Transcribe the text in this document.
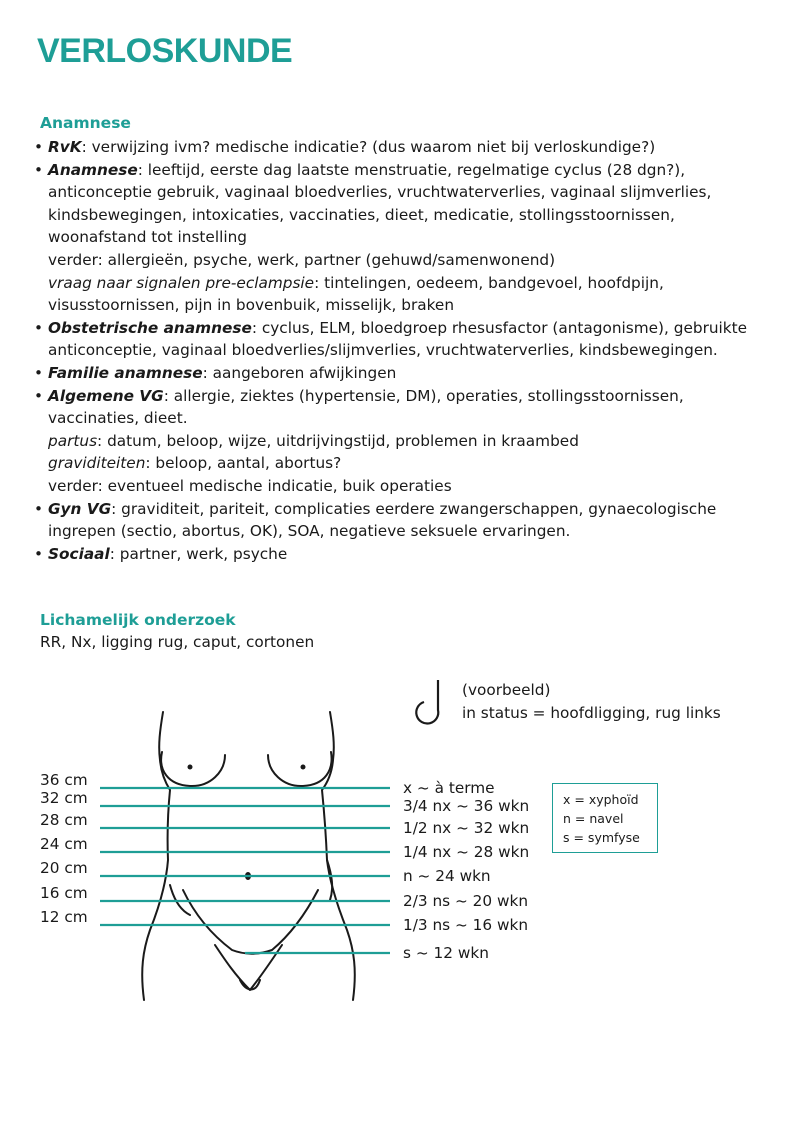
VERLOSKUNDE
Anamnese
• RvK: verwijzing ivm? medische indicatie? (dus waarom niet bij verloskundige?)
• Anamnese: leeftijd, eerste dag laatste menstruatie, regelmatige cyclus (28 dgn?),
anticonceptie gebruik, vaginaal bloedverlies, vruchtwaterverlies, vaginaal slijmverlies,
kindsbewegingen, intoxicaties, vaccinaties, dieet, medicatie, stollingsstoornissen,
woonafstand tot instelling
verder: allergieën, psyche, werk, partner (gehuwd/samenwonend)
vraag naar signalen pre-eclampsie: tintelingen, oedeem, bandgevoel, hoofdpijn,
visusstoornissen, pijn in bovenbuik, misselijk, braken
• Obstetrische anamnese: cyclus, ELM, bloedgroep rhesusfactor (antagonisme), gebruikte
anticonceptie, vaginaal bloedverlies/slijmverlies, vruchtwaterverlies, kindsbewegingen.
• Familie anamnese: aangeboren afwijkingen
• Algemene VG: allergie, ziektes (hypertensie, DM), operaties, stollingsstoornissen,
vaccinaties, dieet.
partus: datum, beloop, wijze, uitdrijvingstijd, problemen in kraambed
graviditeiten: beloop, aantal, abortus?
verder: eventueel medische indicatie, buik operaties
• Gyn VG: graviditeit, pariteit, complicaties eerdere zwangerschappen, gynaecologische
ingrepen (sectio, abortus, OK), SOA, negatieve seksuele ervaringen.
• Sociaal: partner, werk, psyche
Lichamelijk onderzoek
RR, Nx, ligging rug, caput, cortonen
(voorbeeld)
in status = hoofdligging, rug links
36 cm	x ~ à terme
32 cm	3/4 nx ~ 36 wkn
28 cm	1/2 nx ~ 32 wkn
24 cm	1/4 nx ~ 28 wkn
20 cm	n ~ 24 wkn
16 cm	2/3 ns ~ 20 wkn
12 cm	1/3 ns ~ 16 wkn
s ~ 12 wkn
x = xyphoïd
n = navel
s = symfyse
